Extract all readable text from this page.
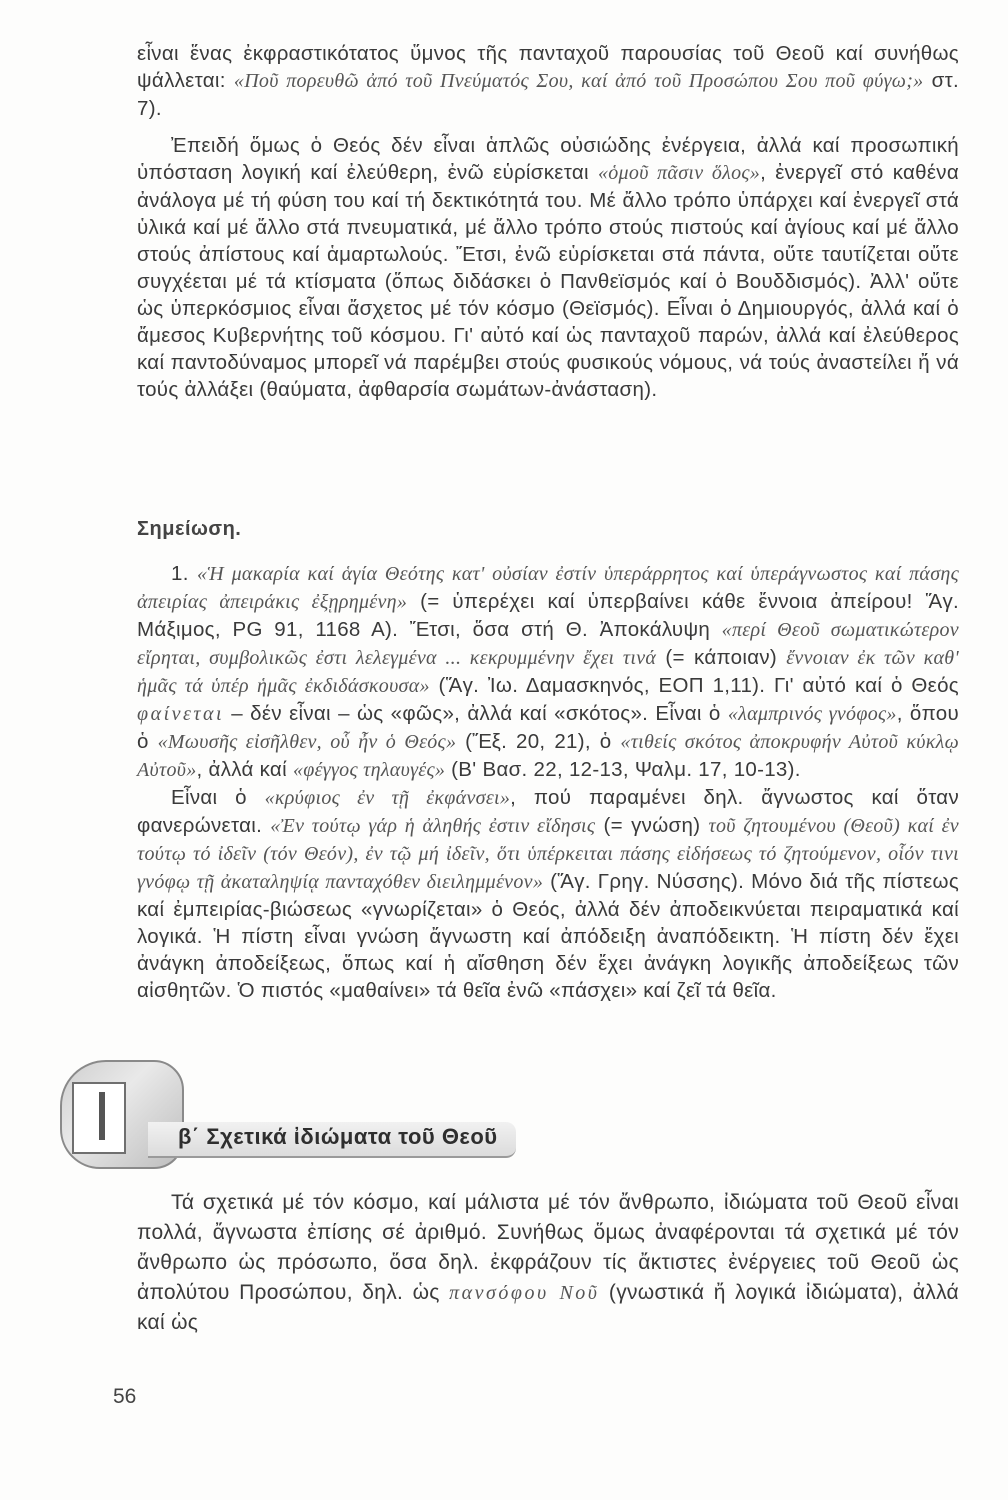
εἶναι ἕνας ἐκφραστικότατος ὕμνος τῆς πανταχοῦ παρουσίας τοῦ Θεοῦ καί συνήθως ψάλλεται: «Ποῦ πορευθῶ ἀπό τοῦ Πνεύματός Σου, καί ἀπό τοῦ Προσώπου Σου ποῦ φύγω;» στ. 7).

Ἐπειδή ὅμως ὁ Θεός δέν εἶναι ἁπλῶς οὐσιώδης ἐνέργεια, ἀλλά καί προσωπική ὑπόσταση λογική καί ἐλεύθερη, ἐνῶ εὑρίσκεται «ὁμοῦ πᾶσιν ὅλος», ἐνεργεῖ στό καθένα ἀνάλογα μέ τή φύση του καί τή δεκτικότητά του. Μέ ἄλλο τρόπο ὑπάρχει καί ἐνεργεῖ στά ὑλικά καί μέ ἄλλο στά πνευματικά, μέ ἄλλο τρόπο στούς πιστούς καί ἁγίους καί μέ ἄλλο στούς ἀπίστους καί ἁμαρτωλούς. Ἔτσι, ἐνῶ εὑρίσκεται στά πάντα, οὔτε ταυτίζεται οὔτε συγχέεται μέ τά κτίσματα (ὅπως διδάσκει ὁ Πανθεϊσμός καί ὁ Βουδδισμός). Ἀλλ' οὔτε ὡς ὑπερκόσμιος εἶναι ἄσχετος μέ τόν κόσμο (Θεϊσμός). Εἶναι ὁ Δημιουργός, ἀλλά καί ὁ ἄμεσος Κυβερνήτης τοῦ κόσμου. Γι' αὐτό καί ὡς πανταχοῦ παρών, ἀλλά καί ἐλεύθερος καί παντοδύναμος μπορεῖ νά παρέμβει στούς φυσικούς νόμους, νά τούς ἀναστείλει ἤ νά τούς ἀλλάξει (θαύματα, ἀφθαρσία σωμάτων-ἀνάσταση).

Σημείωση.

1. «Ἡ μακαρία καί ἁγία Θεότης κατ' οὐσίαν ἐστίν ὑπεράρρητος καί ὑπεράγνωστος καί πάσης ἀπειρίας ἀπειράκις ἐξῃρημένη» (= ὑπερέχει καί ὑπερβαίνει κάθε ἔννοια ἀπείρου! Ἅγ. Μάξιμος, PG 91, 1168 A). Ἔτσι, ὅσα στή Θ. Ἀποκάλυψη «περί Θεοῦ σωματικώτερον εἴρηται, συμβολικῶς ἐστι λελεγμένα ... κεκρυμμένην ἔχει τινά (= κάποιαν) ἔννοιαν ἐκ τῶν καθ' ἡμᾶς τά ὑπέρ ἡμᾶς ἐκδιδάσκουσα» (Ἅγ. Ἰω. Δαμασκηνός, ΕΟΠ 1,11). Γι' αὐτό καί ὁ Θεός φαίνεται – δέν εἶναι – ὡς «φῶς», ἀλλά καί «σκότος». Εἶναι ὁ «λαμπρινός γνόφος», ὅπου ὁ «Μωυσῆς εἰσῆλθεν, οὗ ἦν ὁ Θεός» (Ἔξ. 20, 21), ὁ «τιθείς σκότος ἀποκρυφήν Αὐτοῦ κύκλῳ Αὐτοῦ», ἀλλά καί «φέγγος τηλαυγές» (Β' Βασ. 22, 12-13, Ψαλμ. 17, 10-13).

Εἶναι ὁ «κρύφιος ἐν τῇ ἐκφάνσει», πού παραμένει δηλ. ἄγνωστος καί ὅταν φανερώνεται. «Ἐν τούτῳ γάρ ἡ ἀληθής ἐστιν εἴδησις (= γνώση) τοῦ ζητουμένου (Θεοῦ) καί ἐν τούτῳ τό ἰδεῖν (τόν Θεόν), ἐν τῷ μή ἰδεῖν, ὅτι ὑπέρκειται πάσης εἰδήσεως τό ζητούμενον, οἷόν τινι γνόφῳ τῇ ἀκαταληψίᾳ πανταχόθεν διειλημμένον» (Ἅγ. Γρηγ. Νύσσης). Μόνο διά τῆς πίστεως καί ἐμπειρίας-βιώσεως «γνωρίζεται» ὁ Θεός, ἀλλά δέν ἀποδεικνύεται πειραματικά καί λογικά. Ἡ πίστη εἶναι γνώση ἄγνωστη καί ἀπόδειξη ἀναπόδεικτη. Ἡ πίστη δέν ἔχει ἀνάγκη ἀποδείξεως, ὅπως καί ἡ αἴσθηση δέν ἔχει ἀνάγκη λογικῆς ἀποδείξεως τῶν αἰσθητῶν. Ὁ πιστός «μαθαίνει» τά θεῖα ἐνῶ «πάσχει» καί ζεῖ τά θεῖα.

β΄ Σχετικά ἰδιώματα τοῦ Θεοῦ

Τά σχετικά μέ τόν κόσμο, καί μάλιστα μέ τόν ἄνθρωπο, ἰδιώματα τοῦ Θεοῦ εἶναι πολλά, ἄγνωστα ἐπίσης σέ ἀριθμό. Συνήθως ὅμως ἀναφέρονται τά σχετικά μέ τόν ἄνθρωπο ὡς πρόσωπο, ὅσα δηλ. ἐκφράζουν τίς ἄκτιστες ἐνέργειες τοῦ Θεοῦ ὡς ἀπολύτου Προσώπου, δηλ. ὡς πανσόφου Νοῦ (γνωστικά ἤ λογικά ἰδιώματα), ἀλλά καί ὡς

56
